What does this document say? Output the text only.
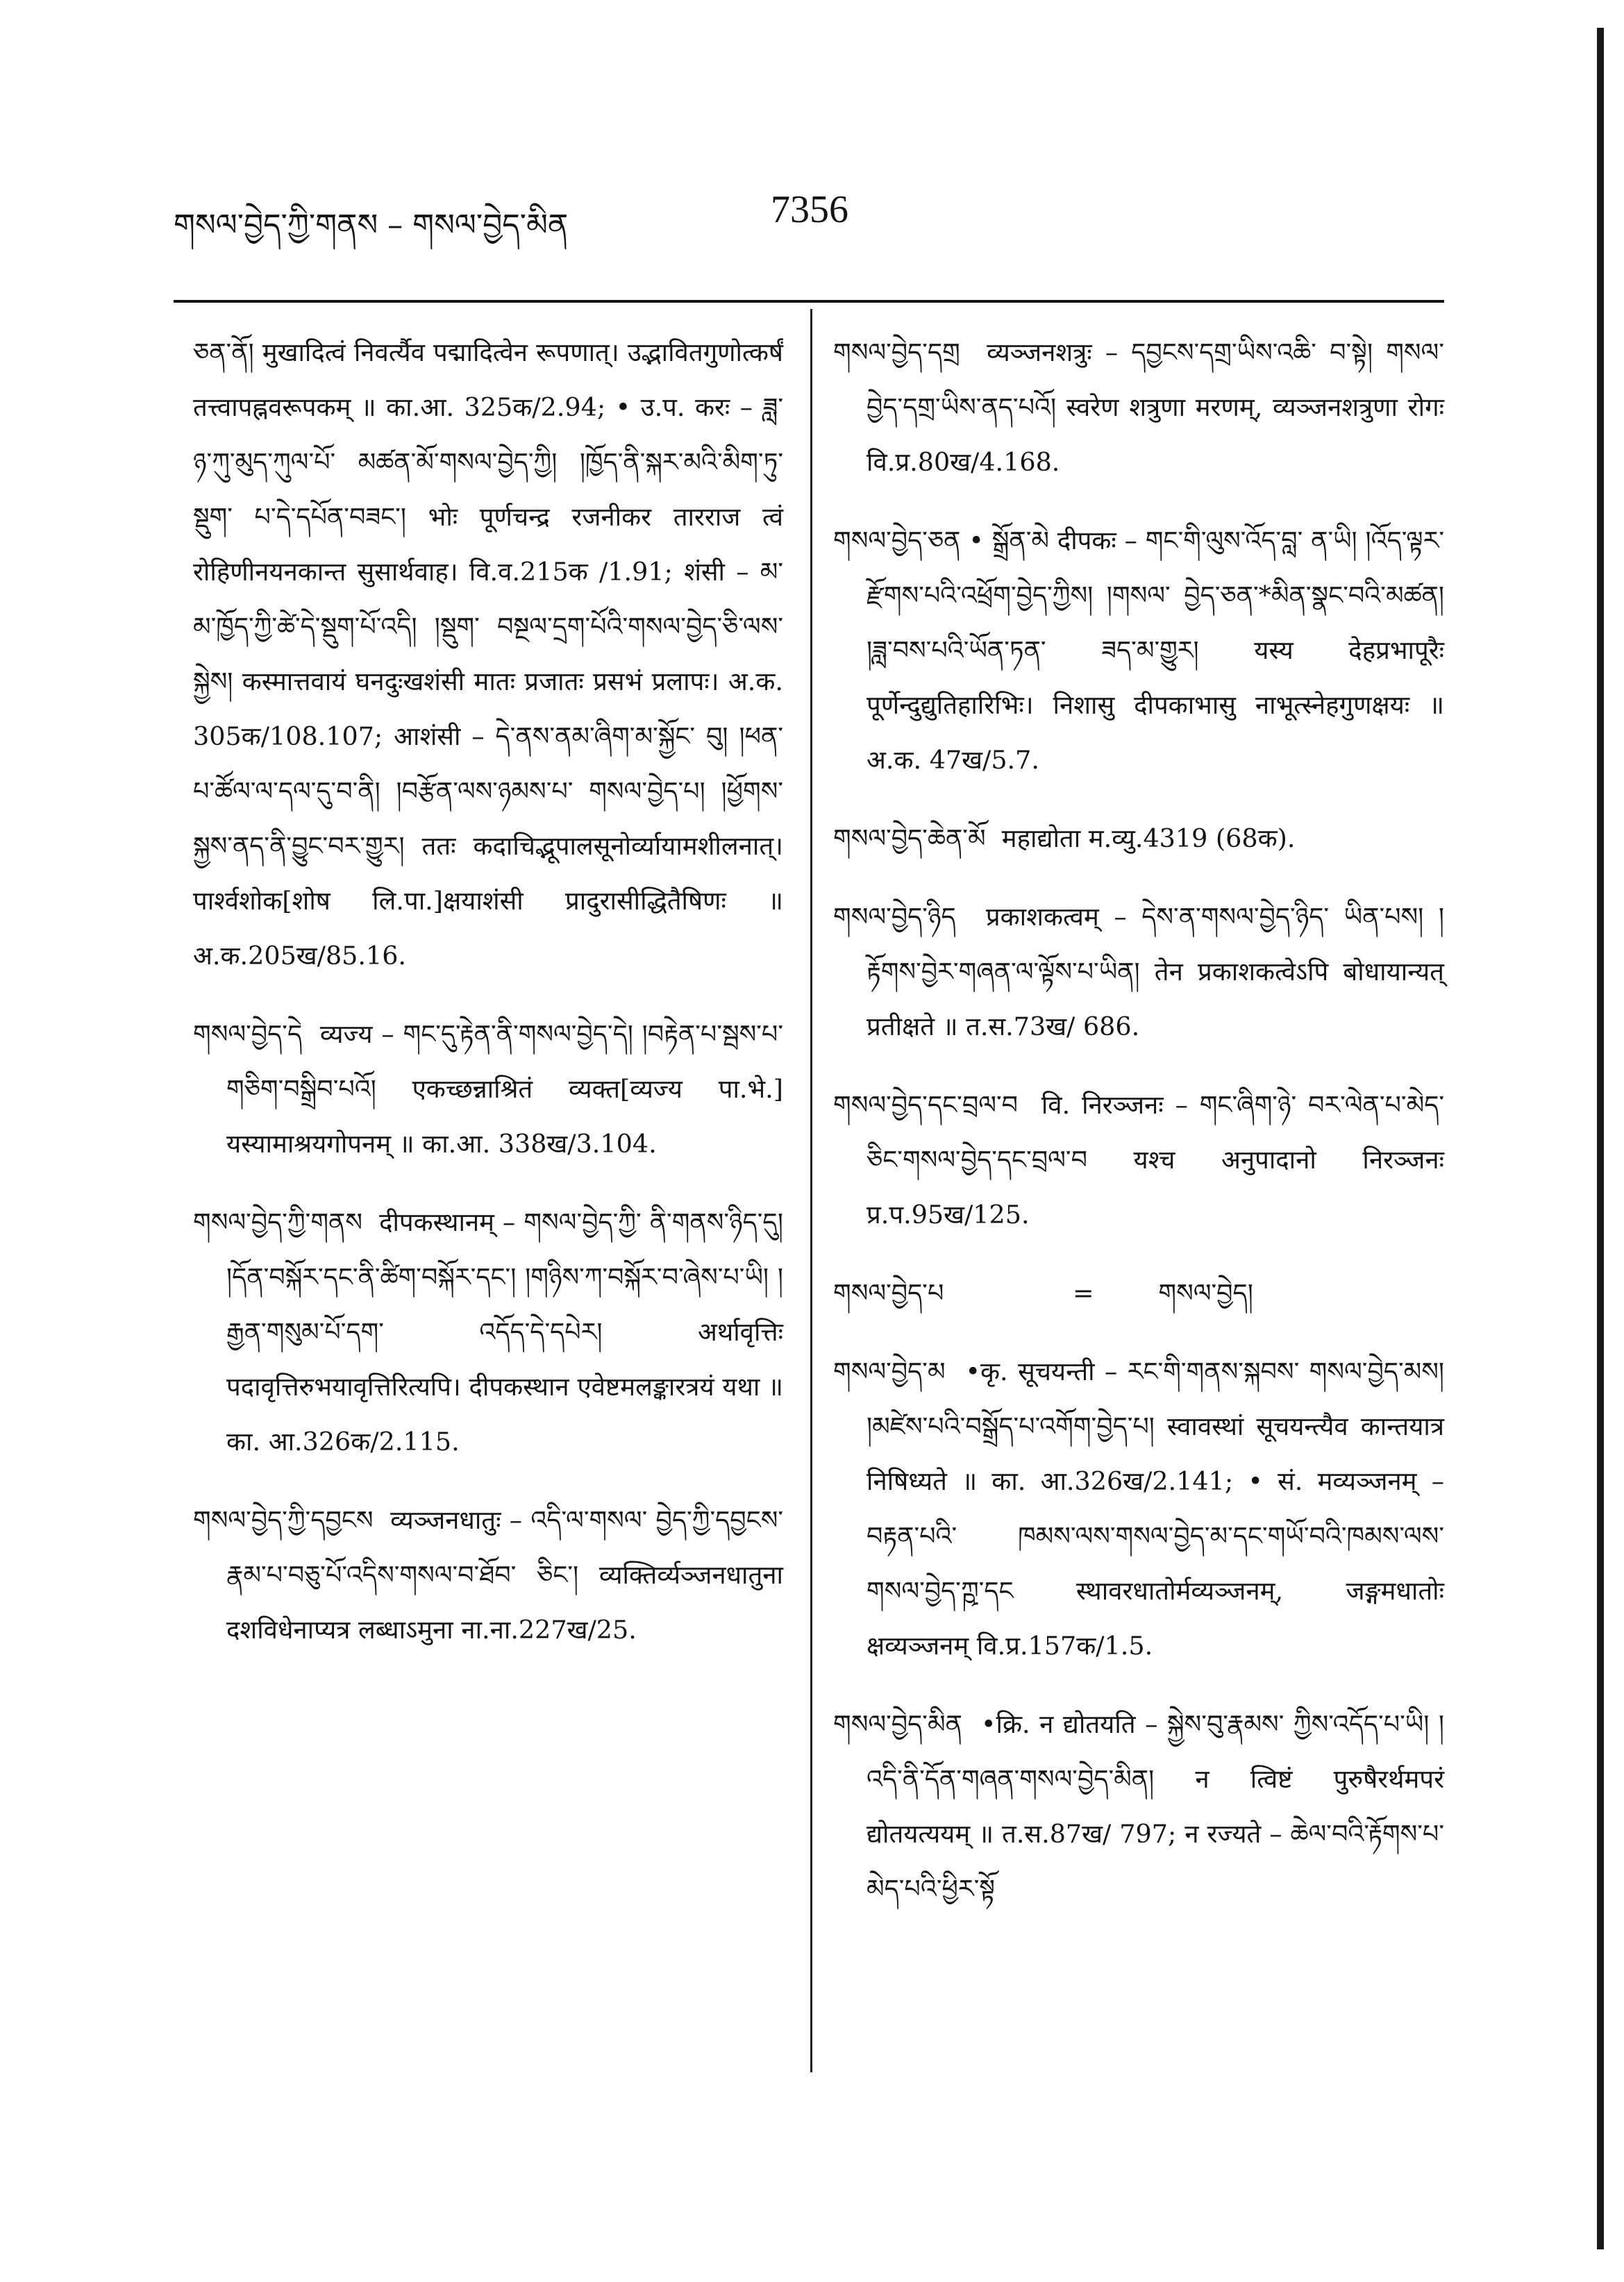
གསལ་བྱེད་ཀྱི་གནས – གསལ་བྱེད་མིན	7356

ཅན་ནོ། मुखादित्वं निवर्त्यैव पद्मादित्वेन रूपणात्। उद्भावितगुणोत्कर्षं तत्त्वापह्नवरूपकम् ॥ का.आ. 325क/2.94; • उ.प. करः – ཟླ་ཉ་ཀུ་མུད་ཀུལ་པོ་ མཚན་མོ་གསལ་བྱེད་ཀྱི། །ཁྱོད་ནི་སྐར་མའི་མིག་ཏུ་སྡུག་ པ་དེ་དཔོན་བཟང་། भोः पूर्णचन्द्र रजनीकर तारराज त्वं रोहिणीनयनकान्त सुसार्थवाह। वि.व.215क /1.91; शंसी – མ་མ་ཁྱོད་ཀྱི་ཚེ་དེ་སྡུག་པོ་འདི། །སྡུག་ བསྔལ་དྲག་པོའི་གསལ་བྱེད་ཅི་ལས་སྐྱེས། कस्मात्तवायं घनदुःखशंसी मातः प्रजातः प्रसभं प्रलापः। अ.क. 305क/108.107; आशंसी – དེ་ནས་ནམ་ཞིག་མ་སྐྱོང་ བུ། །ཕན་པ་ཚོལ་ལ་དལ་དུ་བ་ནི། །བརྩོན་ལས་ཉམས་པ་ གསལ་བྱེད་པ། །ཕྱོགས་སྐྱས་ནད་ནི་བྱུང་བར་གྱུར། ततः कदाचिद्भूपालसूनोर्व्यायामशीलनात्। पार्श्वशोक[शोष लि.पा.]क्षयाशंसी प्रादुरासीद्धितैषिणः ॥ अ.क.205ख/85.16.

གསལ་བྱེད་དེ  व्यज्य – གང་དུ་རྟེན་ནི་གསལ་བྱེད་དེ། །བརྟེན་པ་སྦས་པ་གཅིག་བསྒྲིབ་པའོ། एकच्छन्नाश्रितं व्यक्त[व्यज्य पा.भे.] यस्यामाश्रयगोपनम् ॥ का.आ. 338ख/3.104.

གསལ་བྱེད་ཀྱི་གནས  दीपकस्थानम् – གསལ་བྱེད་ཀྱི་ ནི་གནས་ཉིད་དུ། །དོན་བསྐོར་དང་ནི་ཚིག་བསྐོར་དང་། །གཉིས་ཀ་བསྐོར་བ་ཞེས་པ་ཡི། །རྒྱན་གསུམ་པོ་དག་ འདོད་དེ་དཔེར། अर्थावृत्तिः पदावृत्तिरुभयावृत्तिरित्यपि। दीपकस्थान एवेष्टमलङ्कारत्रयं यथा ॥ का. आ.326क/2.115.

གསལ་བྱེད་ཀྱི་དབྱངས  व्यञ्जनधातुः – འདི་ལ་གསལ་ བྱེད་ཀྱི་དབྱངས་རྣམ་པ་བཅུ་པོ་འདིས་གསལ་བ་ཐོབ་ ཅིང་། व्यक्तिर्व्यञ्जनधातुना दशविधेनाप्यत्र लब्धाऽमुना ना.ना.227ख/25.

གསལ་བྱེད་དགྲ  व्यञ्जनशत्रुः – དབྱངས་དགྲ་ཡིས་འཆི་ བ་སྟེ། གསལ་བྱེད་དགྲ་ཡིས་ནད་པའོ། स्वरेण शत्रुणा मरणम्, व्यञ्जनशत्रुणा रोगः वि.प्र.80ख/4.168.

གསལ་བྱེད་ཅན • སྒྲོན་མེ दीपकः – གང་གི་ལུས་འོད་བླ་ ན་ཡི། །འོད་ལྟར་རྫོགས་པའི་འཕྲོག་བྱེད་ཀྱིས། །གསལ་ བྱེད་ཅན་*མིན་སྣང་བའི་མཚན། །ཟླ་བས་པའི་ཡོན་ཏན་ ཟད་མ་གྱུར། यस्य देहप्रभापूरैः पूर्णेन्दुद्युतिहारिभिः। निशासु दीपकाभासु नाभूत्स्नेहगुणक्षयः ॥ अ.क. 47ख/5.7.

གསལ་བྱེད་ཆེན་མོ  महाद्योता म.व्यु.4319 (68क).

གསལ་བྱེད་ཉིད  प्रकाशकत्वम् – དེས་ན་གསལ་བྱེད་ཉིད་ ཡིན་པས། །རྟོགས་བྱེར་གཞན་ལ་ལྟོས་པ་ཡིན། तेन प्रकाशकत्वेऽपि बोधायान्यत् प्रतीक्षते ॥ त.स.73ख/ 686.

གསལ་བྱེད་དང་བྲལ་བ  वि. निरञ्जनः – གང་ཞིག་ཉེ་ བར་ལེན་པ་མེད་ཅིང་གསལ་བྱེད་དང་བྲལ་བ यश्च अनुपादानो निरञ्जनः प्र.प.95ख/125.

གསལ་བྱེད་པ                =        གསལ་བྱེད།

གསལ་བྱེད་མ  •कृ. सूचयन्ती – རང་གི་གནས་སྐབས་ གསལ་བྱེད་མས། །མཛེས་པའི་བསྒྲོད་པ་འགོག་བྱེད་པ། स्वावस्थां सूचयन्त्यैव कान्तयात्र निषिध्यते ॥ का. आ.326ख/2.141; • सं. मव्यञ्जनम् – བརྟན་པའི་ ཁམས་ལས་གསལ་བྱེད་མ་དང་གཡོ་བའི་ཁམས་ལས་ གསལ་བྱེད་ཀྵ་དང स्थावरधातोर्मव्यञ्जनम्, जङ्गमधातोः क्षव्यञ्जनम् वि.प्र.157क/1.5.

གསལ་བྱེད་མིན  •क्रि. न द्योतयति – སྐྱེས་བུ་རྣམས་ ཀྱིས་འདོད་པ་ཡི། །འདི་ནི་དོན་གཞན་གསལ་བྱེད་མིན། न त्विष्टं पुरुषैरर्थमपरं द्योतयत्ययम् ॥ त.स.87ख/ 797; न रज्यते – ཆེལ་བའི་རྟོགས་པ་མེད་པའི་ཕྱིར་སྟོ
